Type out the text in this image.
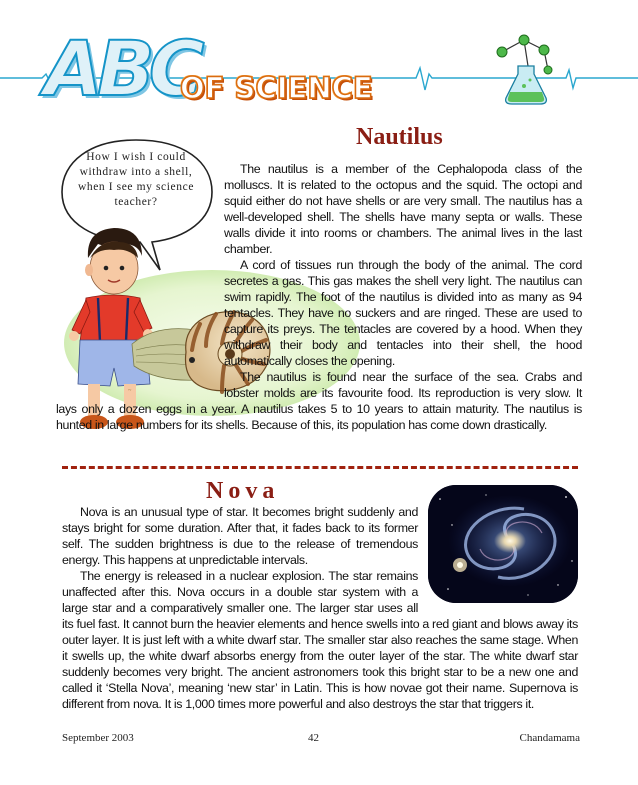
ABC
OF SCIENCE
Nautilus
How I wish I could withdraw into a shell, when I see my science teacher?
~

The nautilus is a member of the Cephalopoda class of the molluscs. It is related to the octopus and the squid. The octopi and squid either do not have shells or are very small. The nautilus has a well-developed shell. The shells have many septa or walls. These walls divide it into rooms or chambers. The animal lives in the last chamber.

A cord of tissues run through the body of the animal. The cord secretes a gas. This gas makes the shell very light. The nautilus can swim rapidly. The foot of the nautilus is divided into as many as 94 tentacles. They have no suckers and are ringed. These are used to capture its preys. The tentacles are covered by a hood. When they withdraw their body and tentacles into their shell, the hood automatically closes the opening.

The nautilus is found near the surface of the sea. Crabs and lobster molds are its favourite food. Its reproduction is very slow. It lays only a dozen eggs in a year. A nautilus takes 5 to 10 years to attain maturity. The nautilus is hunted in large numbers for its shells. Because of this, its population has come down drastically.

Nova

Nova is an unusual type of star. It becomes bright suddenly and stays bright for some duration. After that, it fades back to its former self. The sudden brightness is due to the release of tremendous energy. This happens at unpredictable intervals.

The energy is released in a nuclear explosion. The star remains unaffected after this. Nova occurs in a double star system with a large star and a comparatively smaller one. The larger star uses all its fuel fast. It cannot burn the heavier elements and hence swells into a red giant and blows away its outer layer. It is just left with a white dwarf star. The smaller star also reaches the same stage. When it swells up, the white dwarf absorbs energy from the outer layer of the star. The white dwarf star suddenly becomes very bright. The ancient astronomers took this bright star to be a new one and called it ‘Stella Nova’, meaning ‘new star’ in Latin. This is how novae got their name. Supernova is different from nova. It is 1,000 times more powerful and also destroys the star that triggers it.

September 2003	42	Chandamama
